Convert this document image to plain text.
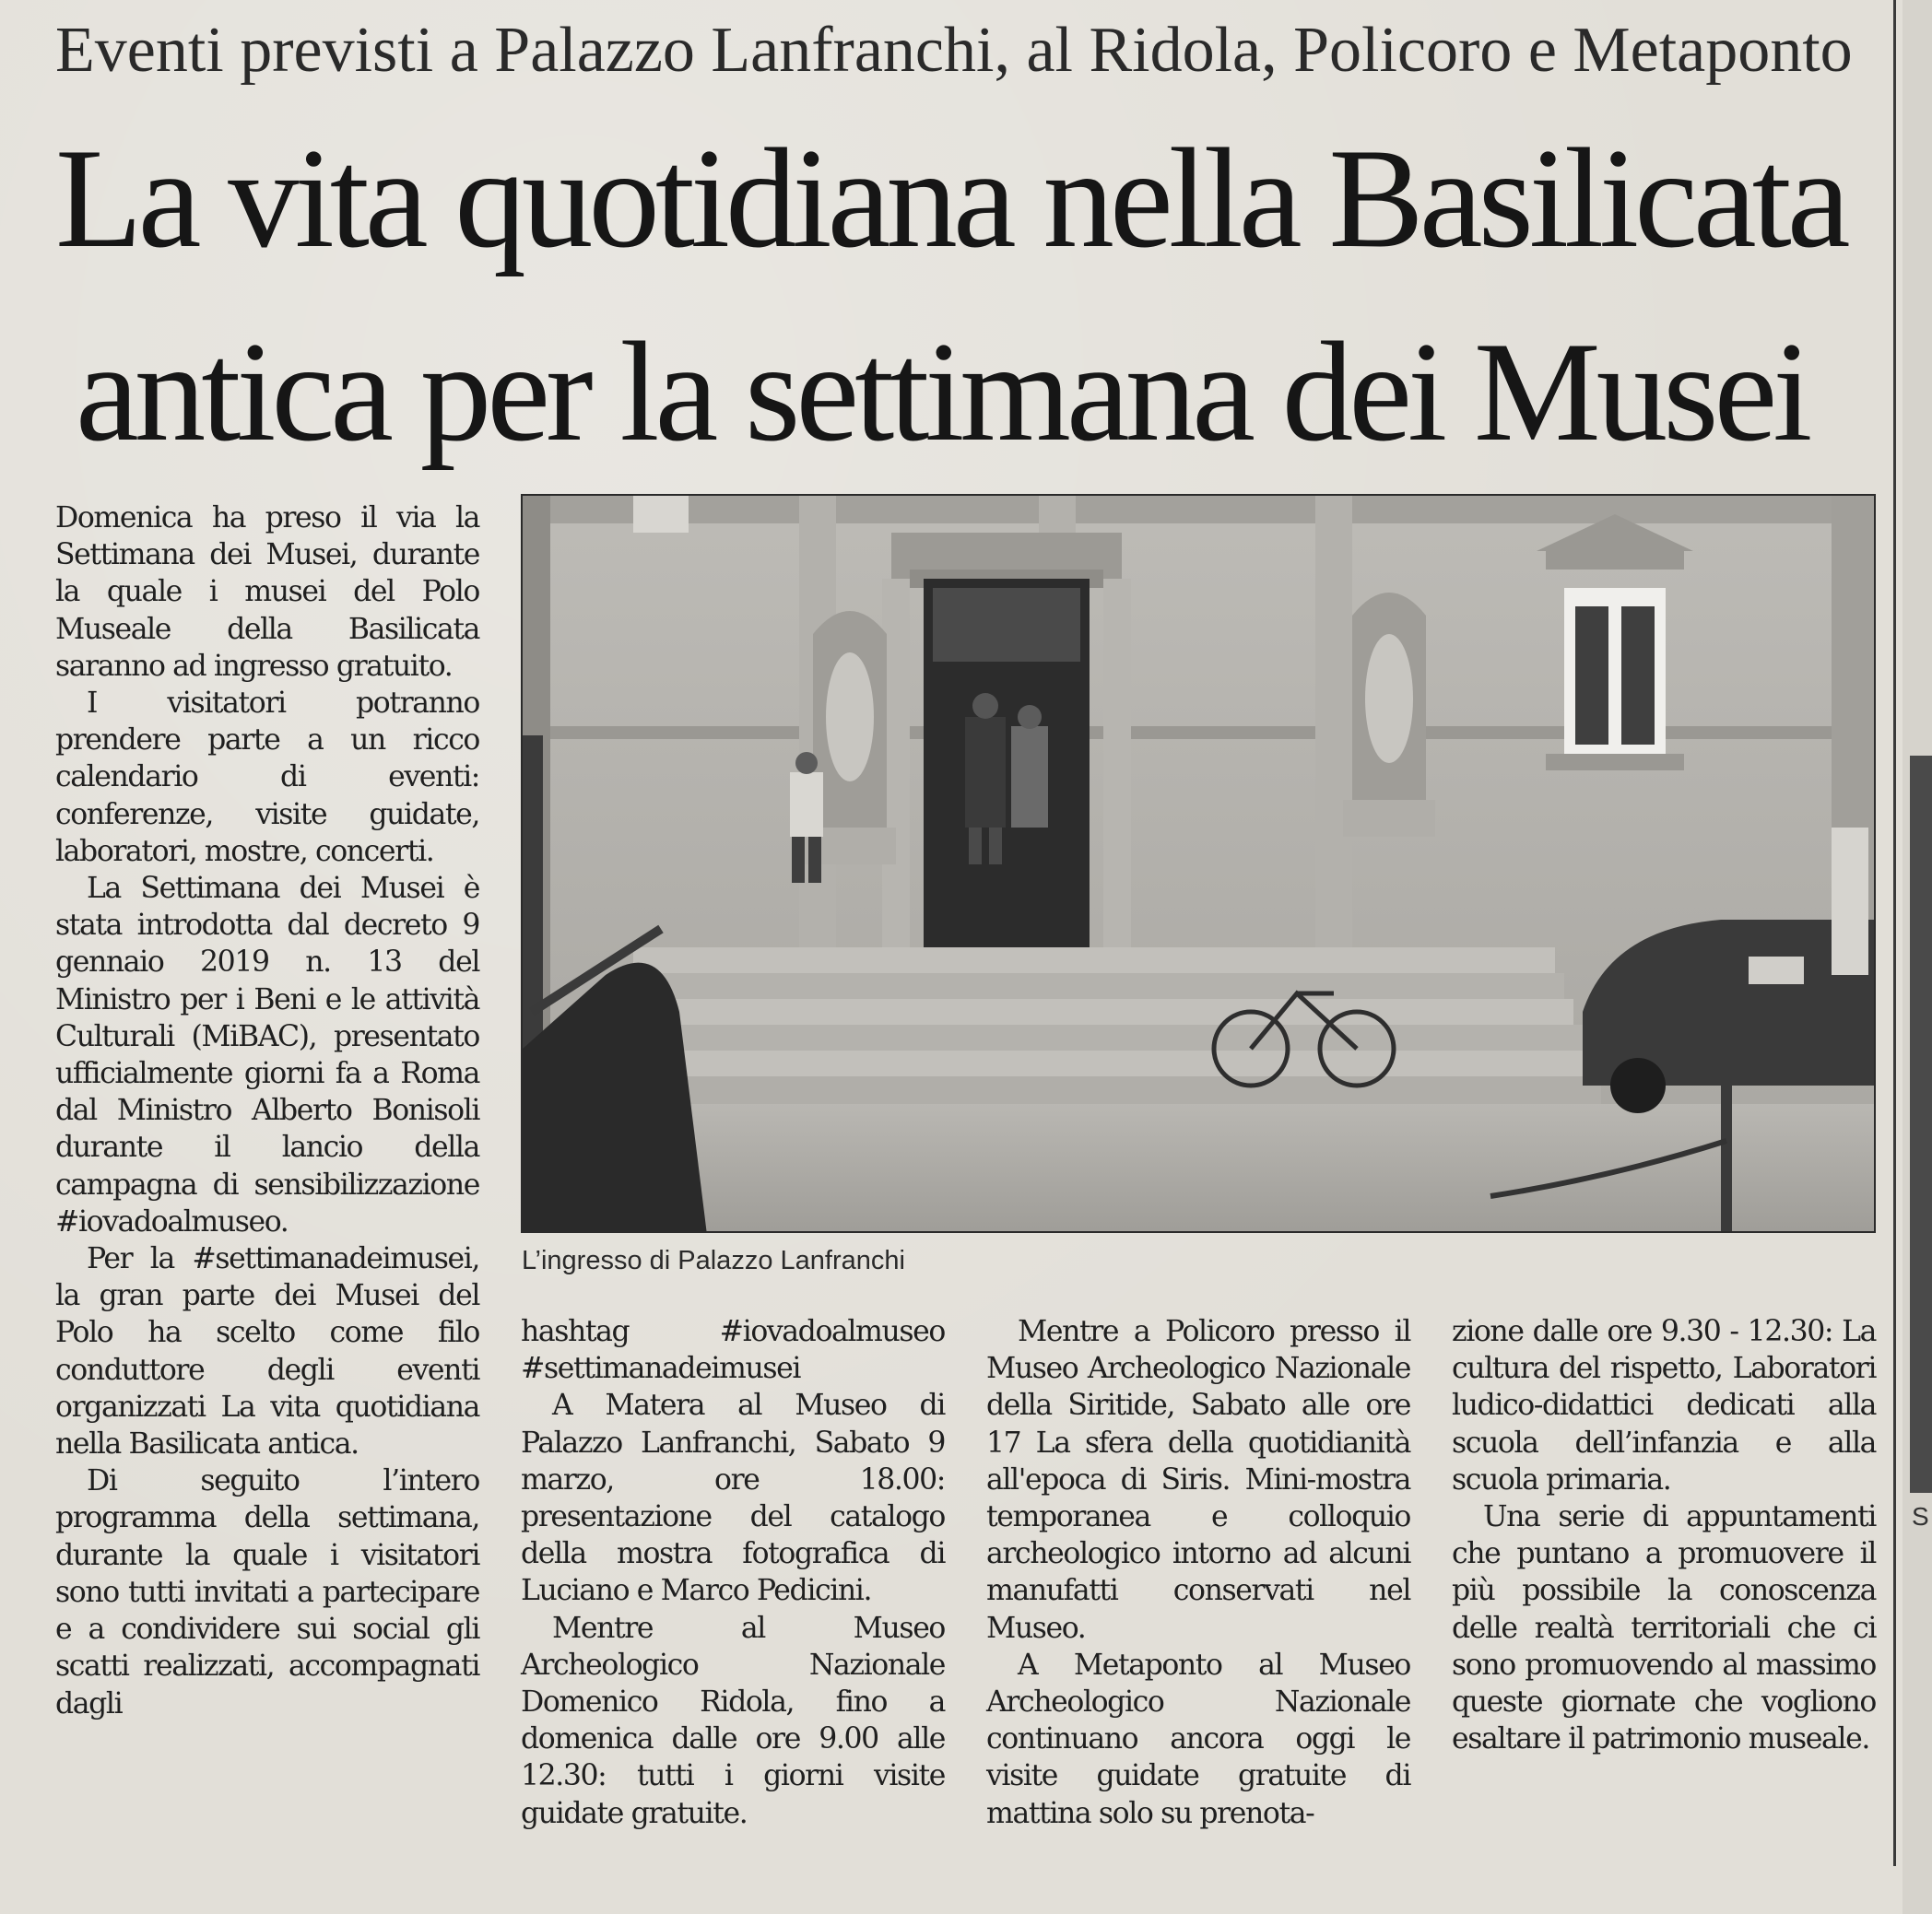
Eventi previsti a Palazzo Lanfranchi, al Ridola, Policoro e Metaponto
La vita quotidiana nella Basilicata
antica per la settimana dei Musei

Domenica ha preso il via la Settimana dei Musei, durante la quale i musei del Polo Museale della Basilicata saranno ad ingresso gratuito.

I visitatori potranno prendere parte a un ricco calendario di eventi: conferenze, visite guidate, laboratori, mostre, concerti.

La Settimana dei Musei è stata introdotta dal decreto 9 gennaio 2019 n. 13 del Ministro per i Beni e le attività Culturali (MiBAC), presentato ufficialmente giorni fa a Roma dal Ministro Alberto Bonisoli durante il lancio della campagna di sensibilizzazione #iovadoalmuseo.

Per la #settimanadeimusei, la gran parte dei Musei del Polo ha scelto come filo conduttore degli eventi organizzati La vita quotidiana nella Basilicata antica.

Di seguito l’intero programma della settimana, durante la quale i visitatori sono tutti invitati a partecipare e a condividere sui social gli scatti realizzati, accompagnati dagli

L’ingresso di Palazzo Lanfranchi

hashtag #iovadoalmuseo #settimanadeimusei

A Matera al Museo di Palazzo Lanfranchi, Sabato 9 marzo, ore 18.00: presentazione del catalogo della mostra fotografica di Luciano e Marco Pedicini.

Mentre al Museo Archeologico Nazionale Domenico Ridola, fino a domenica dalle ore 9.00 alle 12.30: tutti i giorni visite guidate gratuite.

Mentre a Policoro presso il Museo Archeologico Nazionale della Siritide, Sabato alle ore 17 La sfera della quotidianità all'epoca di Siris. Mini-mostra temporanea e colloquio archeologico intorno ad alcuni manufatti conservati nel Museo.

A Metaponto al Museo Archeologico Nazionale continuano ancora oggi le visite guidate gratuite di mattina solo su prenota-

zione dalle ore 9.30 - 12.30: La cultura del rispetto, Laboratori ludico-didattici dedicati alla scuola dell’infanzia e alla scuola primaria.

Una serie di appuntamenti che puntano a promuovere il più possibile la conoscenza delle realtà territoriali che ci sono promuovendo al massimo queste giornate che vogliono esaltare il patrimonio museale.

S
